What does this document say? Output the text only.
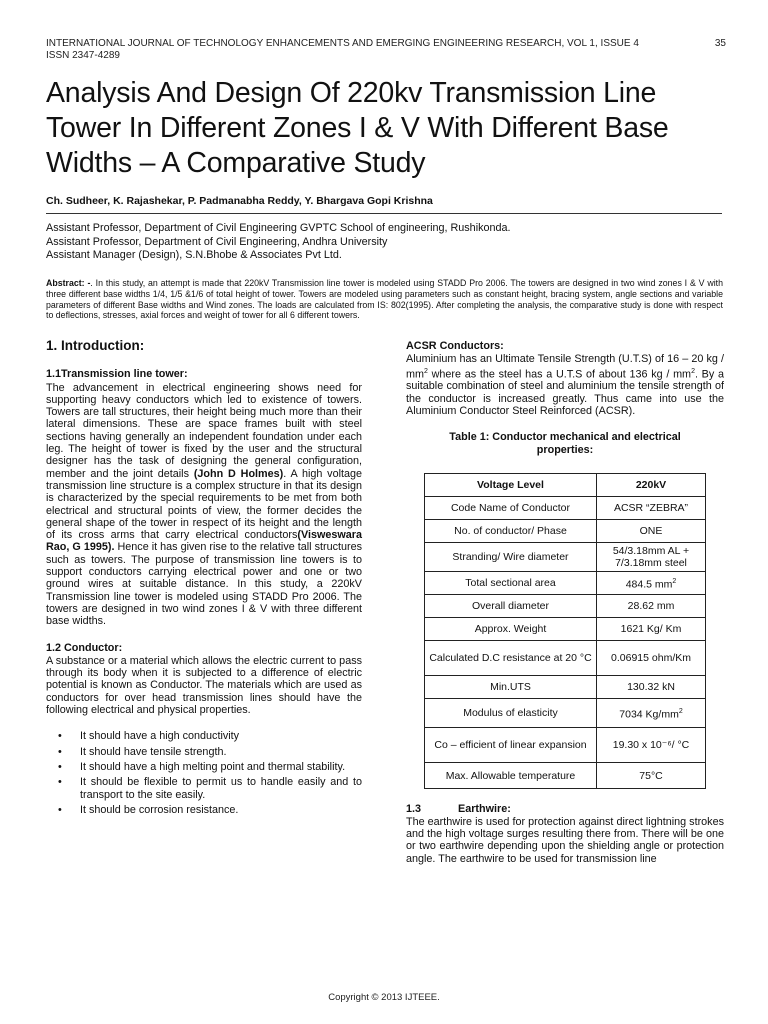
INTERNATIONAL JOURNAL OF TECHNOLOGY ENHANCEMENTS AND EMERGING ENGINEERING RESEARCH, VOL 1, ISSUE 4
ISSN 2347-4289
35
Analysis And Design Of 220kv Transmission Line Tower In Different Zones I & V With Different Base Widths – A Comparative Study
Ch. Sudheer, K. Rajashekar, P. Padmanabha Reddy, Y. Bhargava Gopi Krishna
Assistant Professor, Department of Civil Engineering GVPTC School of engineering, Rushikonda.
Assistant Professor, Department of Civil Engineering, Andhra University
Assistant Manager (Design), S.N.Bhobe & Associates Pvt Ltd.
Abstract: -. In this study, an attempt is made that 220kV Transmission line tower is modeled using STADD Pro 2006. The towers are designed in two wind zones I & V with three different base widths 1/4, 1/5 &1/6 of total height of tower. Towers are modeled using parameters such as constant height, bracing system, angle sections and variable parameters of different Base widths and Wind zones. The loads are calculated from IS: 802(1995). After completing the analysis, the comparative study is done with respect to deflections, stresses, axial forces and weight of tower for all 6 different towers.
1. Introduction:
1.1Transmission line tower:

The advancement in electrical engineering shows need for supporting heavy conductors which led to existence of towers. Towers are tall structures, their height being much more than their lateral dimensions. These are space frames built with steel sections having generally an independent foundation under each leg. The height of tower is fixed by the user and the structural designer has the task of designing the general configuration, member and the joint details (John D Holmes). A high voltage transmission line structure is a complex structure in that its design is characterized by the special requirements to be met from both electrical and structural points of view, the former decides the general shape of the tower in respect of its height and the length of its cross arms that carry electrical conductors(Visweswara Rao, G 1995). Hence it has given rise to the relative tall structures such as towers. The purpose of transmission line towers is to support conductors carrying electrical power and one or two ground wires at suitable distance. In this study, a 220kV Transmission line tower is modeled using STADD Pro 2006. The towers are designed in two wind zones I & V with three different base widths.

1.2 Conductor:

A substance or a material which allows the electric current to pass through its body when it is subjected to a difference of electric potential is known as Conductor. The materials which are used as conductors for over head transmission lines should have the following electrical and physical properties.

• It should have a high conductivity
• It should have tensile strength.
• It should have a high melting point and thermal stability.
• It should be flexible to permit us to handle easily and to transport to the site easily.
• It should be corrosion resistance.
ACSR Conductors:

Aluminium has an Ultimate Tensile Strength (U.T.S) of 16 – 20 kg / $mm^2$ where as the steel has a U.T.S of about 136 kg / $mm^2$. By a suitable combination of steel and aluminium the tensile strength of the conductor is increased greatly. Thus came into use the Aluminium Conductor Steel Reinforced (ACSR).

Table 1: Conductor mechanical and electrical properties:
Voltage Level	220kV
Code Name of Conductor	ACSR “ZEBRA”
No. of conductor/ Phase	ONE
Stranding/ Wire diameter	54/3.18mm AL + 7/3.18mm steel
Total sectional area	484.5 $mm^2$
Overall diameter	28.62 mm
Approx. Weight	1621 Kg/ Km
Calculated D.C resistance at 20 °C	0.06915 ohm/Km
Min.UTS	130.32 kN
Modulus of elasticity	7034 $Kg/mm^2$
Co – efficient of linear expansion	19.30 x 10⁻⁶/ °C
Max. Allowable temperature	75°C
1.3	Earthwire:

The earthwire is used for protection against direct lightning strokes and the high voltage surges resulting there from. There will be one or two earthwire depending upon the shielding angle or protection angle. The earthwire to be used for transmission line

Copyright © 2013 IJTEEE.
